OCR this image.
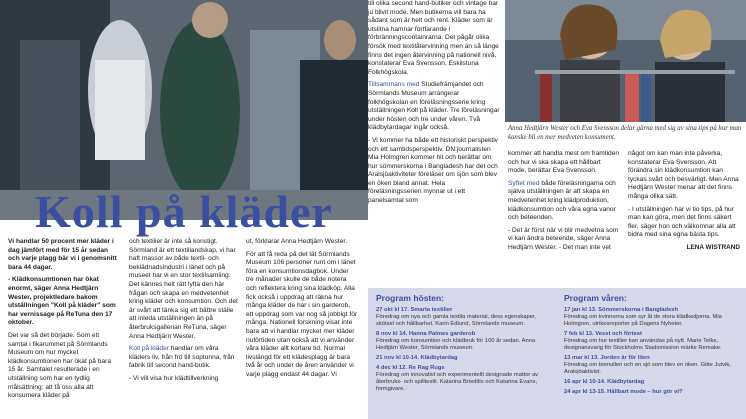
Koll på kläder
Anna Hedtjärn Wester och Eva Svensson delar gärna med sig av sina tips på hur man kanske bli en mer medveten konsument.

Vi handlar 50 procent mer kläder i dag jämfört med för 15 år sedan och varje plagg bär vi i genomsnitt bara 44 dagar.

- Klädkonsumtionen har ökat enormt, säger Anna Hedtjärn Wester, projektledare bakom utställningen "Koll på kläder" som har vernissage på ReTuna den 17 oktober.

Det var så det började. Som ett samtal i fikarummet på Sörmlands Museum om hur mycket klädkonsumtionen har ökat på bara 15 år. Samtalet resulterade i en utställning som har en tydlig målsättning: att få oss alla att konsumera kläder på

och textilier är inte så konstigt. Sörmland är ett textillandskap, vi har haft massor av både textil- och beklädnadsindustri i länet och på museet har vi en stor textilsamling. Det kännes helt rätt lyfta den här frågan och skapa en medvetenhet kring kläder och konsumtion. Och det är svårt att tänka sig ett bättre ställe att inleda utställningen än på återbruksgallerian ReTuna, säger Anna Hedtjärn Wester.

Koll på kläder handlar om våra kläders liv, från frö till soptunna, från fabrik till second hand-butik.

- Vi vill visa hur klädtillverkning

ut, förklarar Anna Hedtjärn Wester.

För att få reda på det lät Sörmlands Museum 106 personer runt om i länet föra en konsumtionsdagbok. Under tre månader skulle de både notera och reflektera kring sina klädköp. Alla fick också i uppdrag att räkna hur många kläder de har i sin garderob, ett uppdrag som var nog så jobbigt för många. Nationell forskning visar inte bara att vi handlar mycket mer kläder nuförtiden utan också att vi använder våra kläder allt kortare tid. Normal livslängd för ett klädesplagg är bara två år och under de åren använder vi varje plagg endast 44 dagar. Vi

till olika second hand-butiker och vintage har ju blivit mode. Men butikerna vill bara ha sådant som är helt och rent. Kläder som är utslitna hamnar fortfarande i förbränningscontainrarna. Det pågår olika försök med textilåtervinning men än så länge finns det ingen återvinning på nationell nivå, konstaterar Eva Svensson, Eskilstuna Folkhögskola.

Tillsammans med Studiefrämjandet och Sörmlands Museum arrangerar folkhögskolan en föreläsningsserie kring utställningen Koll på kläder. Tre föreläsningar under hösten och tre under våren. Två klädbytardagar ingår också.

- Vi kommer ha både ett historiskt perspektiv och ett samtidsperspektiv. DN:journalisten Mia Holmgren kommer hit och berättar om hur sömmerskorna i Bangladesh har det och Aralsjöaktiviteter föreläser om sjön som blev en öken bland annat. Hela föreläsningsserien mynnar ut i ett panelsamtal som

kommer att handla mest om framtiden och hur vi ska skapa ett hållbart mode, berättar Eva Svensson.

Syftet med både föreläsningarna och själva utställningen är att skapa en medvetenhet kring klädproduktion, klädkonsumtion och våra egna vanor och beteenden.

- Det är först när vi blir medvetna som vi kan ändra beteende, säger Anna Hedtjärn Wester. - Det man inte vet

något om kan man inte påverka, konstaterar Eva Svensson. Att förändra sin klädkonsumtion kan tyckas svårt och besvärligt. Men Anna Hedtjärn Wester menar att det finns många olika sätt.

- I utställningen har vi tio tips, på hur man kan göra, men det finns säkert fler, säger hon och välkomnar alla att bidra med sina egna bästa tips.

LENA WISTRAND
Program hösten:
27 okt kl 17. Smarta textilier
Föredrag om nya och gamla textila material, dess egenskaper, skötsel och hållbarhet. Karin Edlund, Sörmlands museum.
8 nov kl 14. Hanna Palmes garderob
Föredrag om konsumtion och klädbruk för 100 år sedan. Anna Hedtjärn Wester, Sörmlands museum.
21 nov kl 10-14. Klädbytardag
4 dec kl 12. Re Rag Rugs
Föredrag om innovativt och experimentellt designade mattor av återbruks- och spilltextil. Katarina Brieditis och Katarina Evans, formgivare.
Program våren:
17 jan kl 13. Sömmerskorna i Bangladesh
Föredrag om kvinnorna som syr åt de stora klädkedjorna. Mia Holmgren, utrikesreporter på Dagens Nyheter.
7 feb kl 13. Vesst och förtest
Föredrag om hur textilier kan användas på nytt. Marie Telke, designansvarig för Stockholms Stadsmission märke Remake.
13 mar kl 13. Jorden är för liten
Föredrag om bomullen och en sjö som blev en öken. Gitte Jutvik, Aralsjöaktivist.
16 apr kl 10-14. Klädbytardag
24 apr kl 13-15. Hållbart mode – hur gör vi?
